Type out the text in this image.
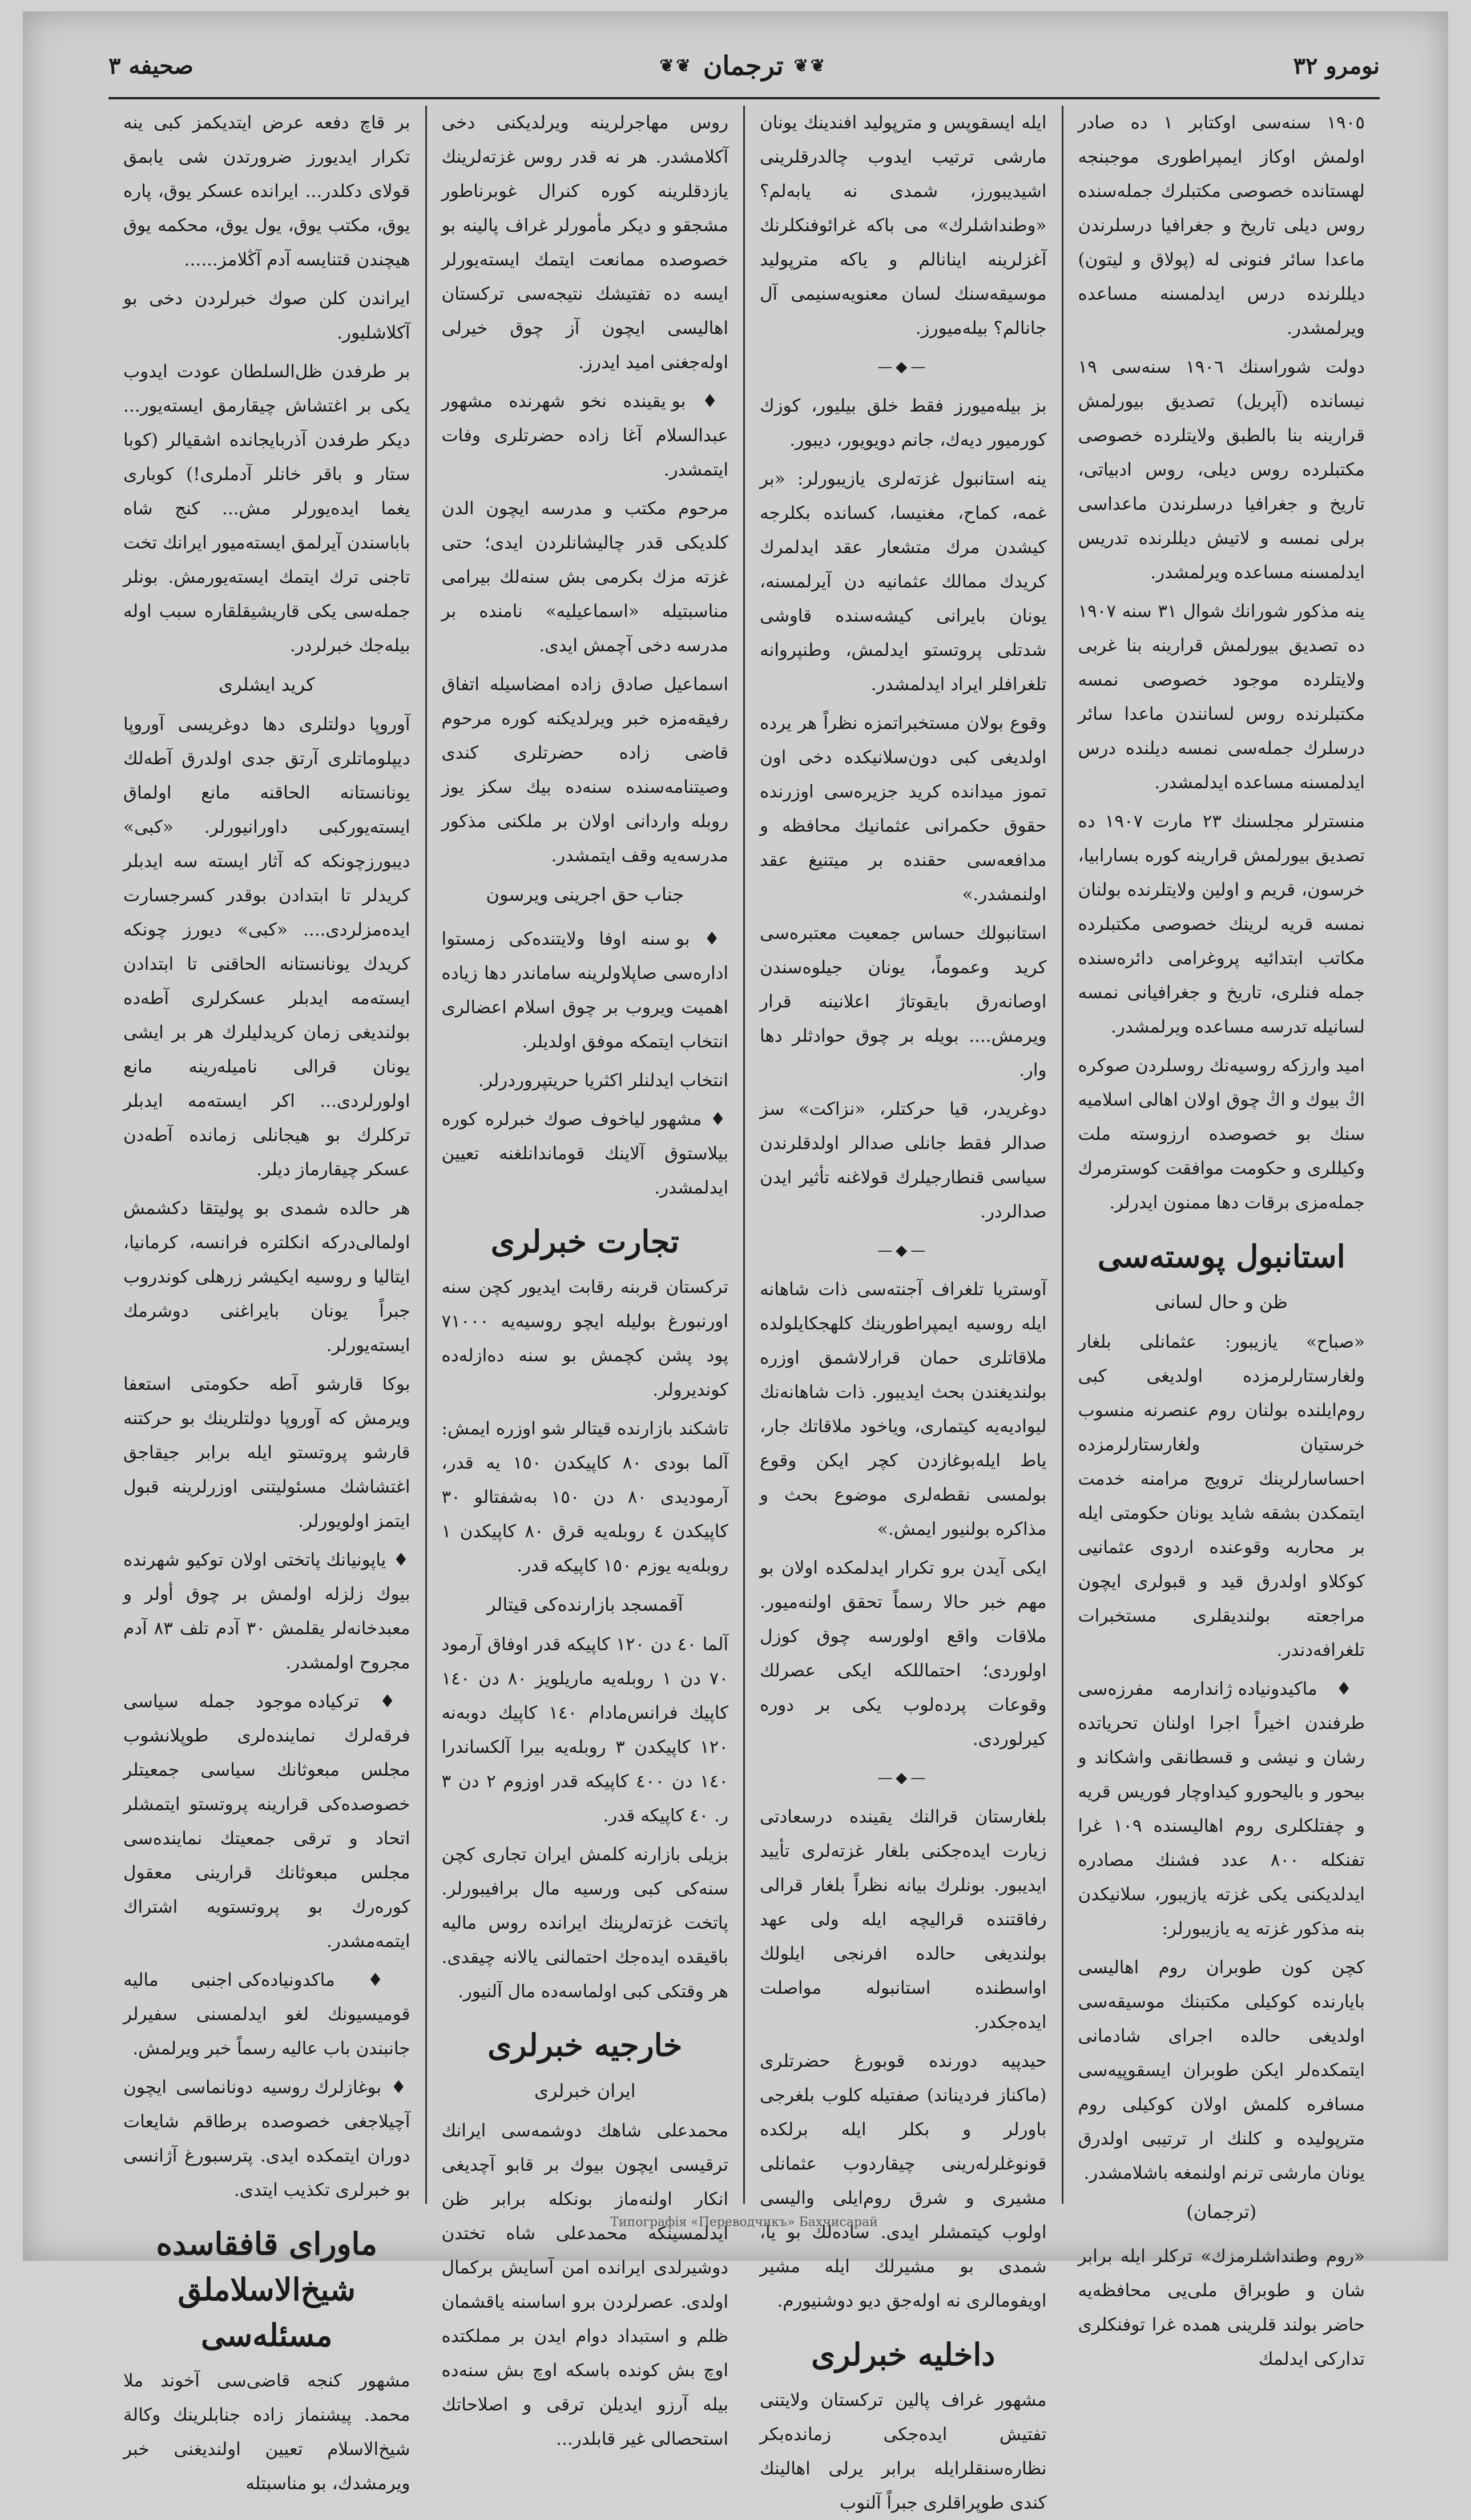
صحيفه ٣	❦❦ ترجمان ❦❦	نومرو ٣٢

١٩٠٥ سنه‌سى اوكتابر ١ ده صادر اولمش اوكاز ايمپراطورى موجبنجه لهستانده خصوصى مكتبلرك جمله‌سنده روس ديلى تاريخ و جغرافيا درسلرندن ماعدا سائر فنونى له (پولاق و ليتون) ديللرنده درس ايدلمسنه مساعده ويرلمشدر.

دولت شوراسنك ١٩٠٦ سنه‌سى ١٩ نيسانده (آپريل) تصديق بيورلمش قرارينه بنا بالطبق ولايتلرده خصوصى مكتبلرده روس ديلى، روس ادبياتى، تاريخ و جغرافيا درسلرندن ماعداسى برلى نمسه و لاتيش ديللرنده تدريس ايدلمسنه مساعده ويرلمشدر.

ينه مذكور شورانك شوال ٣١ سنه ١٩٠٧ ده تصديق بيورلمش قرارينه بنا غربى ولايتلرده موجود خصوصى نمسه مكتبلرنده روس لسانندن ماعدا سائر درسلرك جمله‌سى نمسه ديلنده درس ايدلمسنه مساعده ايدلمشدر.

منسترلر مجلسنك ٢٣ مارت ١٩٠٧ ده تصديق بيورلمش قرارينه كوره بسارابيا، خرسون، قريم و اولين ولايتلرنده بولنان نمسه قريه لرينك خصوصى مكتبلرده مكاتب ابتدائيه پروغرامى دائره‌سنده جمله فنلرى، تاريخ و جغرافيانى نمسه لسانيله تدرسه مساعده ويرلمشدر.

اميد وارزكه روسيه‌نك روسلردن صوكره اڭ بيوك و اڭ چوق اولان اهالى اسلاميه سنك بو خصوصده ارزوسته ملت وكيللرى و حكومت موافقت كوسترمرك جمله‌مزى برقات دها ممنون ايدرلر.

استانبول پوسته‌سى
ظن و حال لسانى

«صباح» يازيبور: عثمانلى بلغار ولغارستارلرمزده اولديغى كبى روم‌ايلنده بولنان روم عنصرنه منسوب خرستيان ولغارستارلرمزده احساسارلرينك ترويج مرامنه خدمت ايتمكدن بشقه شايد يونان حكومتى ايله بر محاربه وقوعنده اردوى عثمانيى كوكلاو اولدرق قيد و قبولرى ايچون مراجعته بولنديقلرى مستخبرات تلغرافه‌دندر.

♦ ماكيدونياده ژاندارمه مفرزه‌سى طرفندن اخيراً اجرا اولنان تحرياتده رشان و نيشى و قسطانقى واشكاند و بيحور و باليحورو كيداوچار فوريس قريه و چفتلكلرى روم اهاليسنده ١٠٩ غرا تفنكله ٨٠٠ عدد فشنك مصادره ايدلديكنى يكى غزته يازيبور، سلانيكدن بنه مذكور غزته يه يازيبورلر:

كچن كون طوبران روم اهاليسى بايارنده كوكيلى مكتبنك موسيقه‌سى اولديغى حالده اجراى شادمانى ايتمكده‌لر ايكن طوبران ايسقوپيه‌سى مسافره كلمش اولان كوكيلى روم مترپوليده و كلنك ار ترتيبى اولدرق يونان مارشى ترنم اولنمغه باشلامشدر.

(ترجمان)

«روم وطنداشلرمزك» تركلر ايله برابر شان و طوبراق ملى‌يى محافظه‌يه حاضر بولند قلرينى همده غرا توفنكلرى تداركى ايدلمك

ايله ايسقوپس و مترپوليد افندينك يونان مارشى ترتيب ايدوب چالدرقلرينى اشيديبورز، شمدى نه يابەلم؟ «وطنداشلرك» مى باكه غرائوفنكلرنك آغزلرينه اينانالم و ياكه مترپوليد موسيقه‌سنك لسان معنويه‌سنيمى آل جانالم؟ بيلەميورز.

—◆—

بز بيلەميورز فقط خلق بيليور، كوزك كورميور ديەك، جانم دويويور، ديبور.

ينه استانبول غزته‌لرى يازيبورلر: «بر غمه، كماح، مغنيسا، كساندە بكلرجه كيشدن مرك متشعار عقد ايدلمرك كريدك ممالك عثمانيه دن آيرلمسنه، يونان بايرانى كيشه‌سنده قاوشى شدتلى پروتستو ايدلمش، وطنپروانه تلغرافلر ايراد ايدلمشدر.

وقوع بولان مستخبراتمزه نظراً هر يرده اولديغى كبى دون‌سلانيكده دخى اون تموز ميدانده كريد جزيره‌سى اوزرنده حقوق حكمرانى عثمانيك محافظه و مدافعه‌سى حقنده بر ميتنيغ عقد اولنمشدر.»

استانبولك حساس جمعيت معتبره‌سى كريد وعموماً، يونان جيلوه‌سندن اوصانەرق بايقوتاژ اعلانينه قرار ويرمش.... بويله بر چوق حوادثلر دها وار.

دوغريدر، قيا حركتلر، «نزاكت» سز صدالر فقط جانلى صدالر اولدقلرندن سياسى قنطارجيلرك قولاغنه تأثير ايدن صدالردر.

—◆—

آوستريا تلغراف آجنته‌سى ذات شاهانه ايله روسيه ايمپراطورينك كلهجكايلولده ملاقاتلرى حمان قرارلاشمق اوزره بولنديغندن بحث ايديبور. ذات شاهانه‌نك ليواديه‌يه كيتمارى، وياخود ملاقاتك جار، ياط ايلەبوغازدن كچر ايكن وقوع بولمسى نقطه‌لرى موضوع بحث و مذاكره بولنيور ايمش.»

ايكى آيدن برو تكرار ايدلمكده اولان بو مهم خبر حالا رسماً تحقق اولنه‌ميور. ملاقات واقع اولورسه چوق كوزل اولوردى؛ احتماللكه ايكى عصرلك وقوعات پرده‌لوب يكى بر دوره كيرلوردى.

—◆—

بلغارستان قرالنك يقينده درسعادتى زيارت ايدەجكنى بلغار غزته‌لرى تأييد ايديبور. بونلرك بيانه نظراً بلغار قرالى رفاقتنده قراليچه ايله ولى عهد بولنديغى حالده افرنجى ايلولك اواسطنده استانبوله مواصلت ايدەجكدر.

حيدپيه دورنده قوبورغ حضرتلرى (ماكناز فرديناند) صفتيله كلوب بلغرجى باورلر و بكلر ايله برلكده قونوغلرلەرينى چيقاردوب عثمانلى مشيرى و شرق روم‌ايلى واليسى اولوب كيتمشلر ايدى. سادەلك بو يا، شمدى بو مشيرلك ايله مشير اويفومالرى نه اولەجق ديو دوشنيورم.

داخليه خبرلرى

مشهور غراف پالين تركستان ولايتنى تفتيش ايدەجكى زماندەبكر نظاره‌سنقلرايله برابر يرلى اهالينك كندى طوپراقلرى جبراً آلنوب

روس مهاجرلرينه ويرلديكنى دخى آكلامشدر. هر نه قدر روس غزته‌لرينك يازدقلرينه كوره كنرال غوبرناطور مشجقو و ديكر مأمورلر غراف پالينه بو خصوصده ممانعت ايتمك ايسته‌يورلر ايسه ده تفتيشك نتيجه‌سى تركستان اهاليسى ايچون آز چوق خيرلى اولەجغنى اميد ايدرز.

♦ بو يقينده نخو شهرنده مشهور عبدالسلام آغا زاده حضرتلرى وفات ايتمشدر.

مرحوم مكتب و مدرسه ايچون الدن كلديكى قدر چاليشانلردن ايدى؛ حتى غزته مزك بكرمى بش سنەلك بيرامى مناسبتيله «اسماعيليه» نامنده بر مدرسه دخى آچمش ايدى.

اسماعيل صادق زاده امضاسيله اتفاق رفيقه‌مزه خبر ويرلديكنه كوره مرحوم قاضى زاده حضرتلرى كندى وصيتنامه‌سنده سنه‌ده بيك سكز يوز روبله واردانى اولان بر ملكنى مذكور مدرسه‌يه وقف ايتمشدر.

جناب حق اجرينى ويرسون

♦ بو سنه اوفا ولايتنده‌كى زمستوا ادارەسى صاپلاولرينه ساماندر دها زياده اهميت ويروب بر چوق اسلام اعضالرى انتخاب ايتمكه موفق اولديلر.

انتخاب ايدلنلر اكثريا حريتپروردرلر.

♦ مشهور لياخوف صوك خبرلره كوره بيلاستوق آلاينك قوماندانلغنه تعيين ايدلمشدر.

تجارت خبرلرى

تركستان قربنه رقابت ايديور كچن سنه اورنبورغ بوليله ايچو روسيه‌يه ٧١٠٠٠ پود پشن كچمش بو سنه ده‌ازلەدە كونديرولر.

تاشكند بازارنده قيتالر شو اوزره ايمش: آلما بودى ٨٠ كاپيكدن ١٥٠ يه قدر، آرموديدى ٨٠ دن ١٥٠ بەشفتالو ٣٠ كاپيكدن ٤ روبله‌يه قرق ٨٠ كاپيكدن ١ روبله‌يه يوزم ١٥٠ كاپيكه قدر.

آقمسجد بازارنده‌كى قيتالر

آلما ٤٠ دن ١٢٠ كاپيكه قدر اوفاق آرمود ٧٠ دن ١ روبله‌يه ماريلويز ٨٠ دن ١٤٠ كاپيك فرانس‌مادام ١٤٠ كاپيك دوبه‌نه ١٢٠ كاپيكدن ٣ روبله‌يه بيرا آلكساندرا ١٤٠ دن ٤٠٠ كاپيكه قدر اوزوم ٢ دن ٣ ر. ٤٠ كاپيكه قدر.

بزيلى بازارنه كلمش ايران تجارى كچن سنه‌كى كبى ورسيه مال برافيبورلر. پاتخت غزته‌لرينك ايرانده روس ماليه باقيقدە ايدەجك احتمالنى يالانه چيقدى. هر وقتكى كبى اولماسەده مال آلنيور.

خارجيه خبرلرى
ايران خبرلرى

محمدعلى شاهك دوشمه‌سى ايرانك ترقيسى ايچون بيوك بر قابو آچديغى انكار اولنەماز بونكله برابر ظن ايدلمسينكه محمدعلى شاه تختدن دوشيرلدى ايرانده امن آسايش بركمال اولدى. عصرلردن برو اساسنه ياقشمان ظلم و استبداد دوام ايدن بر مملكتده اوچ بش كونده باسكه اوچ بش سنه‌ده بيله آرزو ايديلن ترقى و اصلاحاتك استحصالى غير قابلدر...

بر قاچ دفعه عرض ايتديكمز كبى ينه تكرار ايديورز ضرورتدن شى يابمق قولاى دكلدر... ايرانده عسكر يوق، پاره يوق، مكتب يوق، يول يوق، محكمه يوق هيچندن قتنايسه آدم آڭلامز......

ايراندن كلن صوك خبرلردن دخى بو آكلاشليور.

بر طرفدن ظل‌السلطان عودت ايدوب يكى بر اغتشاش چيقارمق ايسته‌يور... ديكر طرفدن آذربايجانده اشقيالر (كوبا ستار و باقر خانلر آدملرى!) كوبارى يغما ايده‌يورلر مش... كنج شاه باباسندن آيرلمق ايسته‌ميور ايرانك تخت تاجنى ترك ايتمك ايسته‌يورمش. بونلر جمله‌سى يكى قاريشيقلقاره سبب اوله بيلەجك خبرلردر.

كريد ايشلرى

آوروپا دولتلرى دها دوغريسى آوروپا ديپلوماتلرى آرتق جدى اولدرق آطه‌لك يونانستانه الحاقنه مانع اولماق ايسته‌يوركبى داورانيورلر. «كبى» ديبورزچونكه كه آثار ايسته سه ايدبلر كريدلر تا ابتدادن بوقدر كسرجسارت ايده‌مزلردى.... «كبى» ديورز چونكه كريدك يونانستانه الحاقنى تا ابتدادن ايستەمه ايدبلر عسكرلرى آطه‌ده بولنديغى زمان كريدليلرك هر بر ايشى يونان قرالى ناميله‌رينه مانع اولورلردى... اكر ايسته‌مه ايدبلر تركلرك بو هيجانلى زمانده آطه‌دن عسكر چيقارماز ديلر.

هر حالده شمدى بو پوليتقا دكشمش اولمالى‌دركه انكلتره فرانسه، كرمانيا، ايتاليا و روسيه ايكيشر زرهلى كوندروب جبراً يونان بايراغنى دوشرمك ايسته‌يورلر.

بوكا قارشو آطه حكومتى استعفا ويرمش كه آوروپا دولتلرينك بو حركتنه قارشو پروتستو ايله برابر جيقاجق اغتشاشك مسئوليتنى اوزرلرينه قبول ايتمز اولويورلر.

♦ ياپونيانك پاتختى اولان توكيو شهرنده بيوك زلزله اولمش بر چوق أولر و معبدخانه‌لر يقلمش ٣٠ آدم تلف ٨٣ آدم مجروح اولمشدر.

♦ تركياده موجود جمله سياسى فرقه‌لرك نماينده‌لرى طوپلانشوب مجلس مبعوثانك سياسى جمعيتلر خصوصده‌كى قرارينه پروتستو ايتمشلر اتحاد و ترقى جمعيتك نماينده‌سى مجلس مبعوثانك قرارينى معقول كوره‌رك بو پروتستويه اشتراك ايتمه‌مشدر.

♦ ماكدونياده‌كى اجنبى ماليه قوميسيونك لغو ايدلمسنى سفيرلر جانبندن باب عاليه رسماً خبر ويرلمش.

♦ بوغازلرك روسيه دونانماسى ايچون آچيلاجغى خصوصده برطاقم شايعات دوران ايتمكده ايدى. پترسبورغ آژانسى بو خبرلرى تكذيب ايتدى.

ماوراى قافقاسده شيخ‌الاسلاملق مسئله‌سى

مشهور كنجه قاضى‌سى آخوند ملا محمد. پيشنماز زاده جنابلرينك وكالة شيخ‌الاسلام تعيين اولنديغنى خبر ويرمشدك، بو مناسبتله

Типографія «Переводчикъ» Бахчисарай
